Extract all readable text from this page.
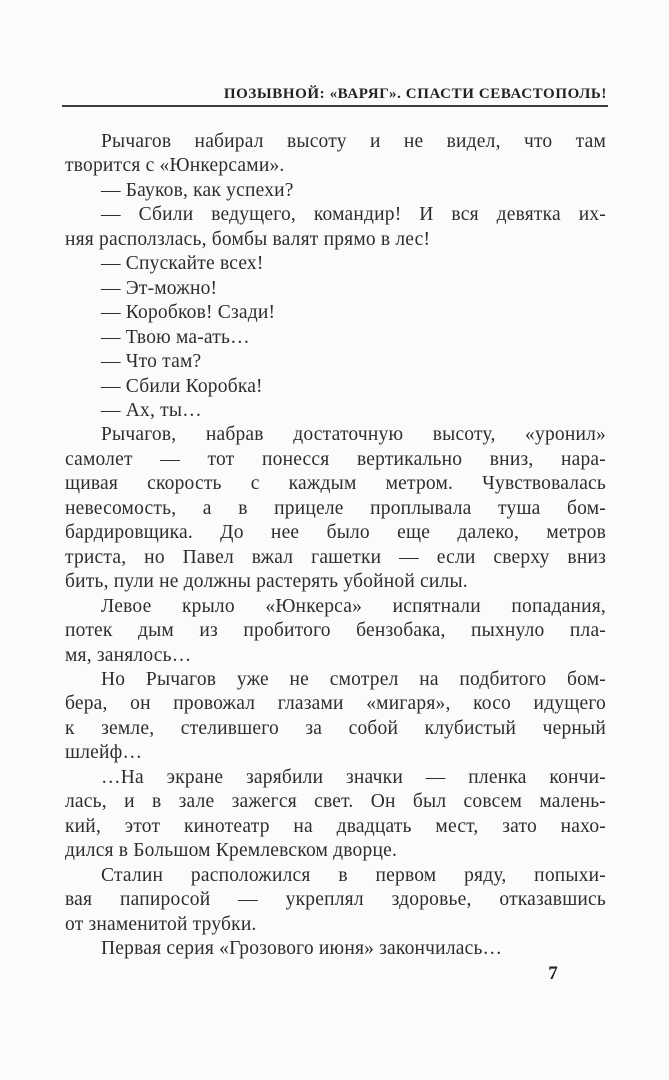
ПОЗЫВНОЙ: «ВАРЯГ». СПАСТИ СЕВАСТОПОЛЬ!
Рычагов набирал высоту и не видел, что там
творится с «Юнкерсами».
— Бауков, как успехи?
— Сбили ведущего, командир! И вся девятка их-
няя расползлась, бомбы валят прямо в лес!
— Спускайте всех!
— Эт-можно!
— Коробков! Сзади!
— Твою ма-ать…
— Что там?
— Сбили Коробка!
— Ах, ты…
Рычагов, набрав достаточную высоту, «уронил»
самолет — тот понесся вертикально вниз, нара-
щивая скорость с каждым метром. Чувствовалась
невесомость, а в прицеле проплывала туша бом-
бардировщика. До нее было еще далеко, метров
триста, но Павел вжал гашетки — если сверху вниз
бить, пули не должны растерять убойной силы.
Левое крыло «Юнкерса» испятнали попадания,
потек дым из пробитого бензобака, пыхнуло пла-
мя, занялось…
Но Рычагов уже не смотрел на подбитого бом-
бера, он провожал глазами «мигаря», косо идущего
к земле, стелившего за собой клубистый черный
шлейф…
…На экране зарябили значки — пленка кончи-
лась, и в зале зажегся свет. Он был совсем малень-
кий, этот кинотеатр на двадцать мест, зато нахо-
дился в Большом Кремлевском дворце.
Сталин расположился в первом ряду, попыхи-
вая папиросой — укреплял здоровье, отказавшись
от знаменитой трубки.
Первая серия «Грозового июня» закончилась…
7
